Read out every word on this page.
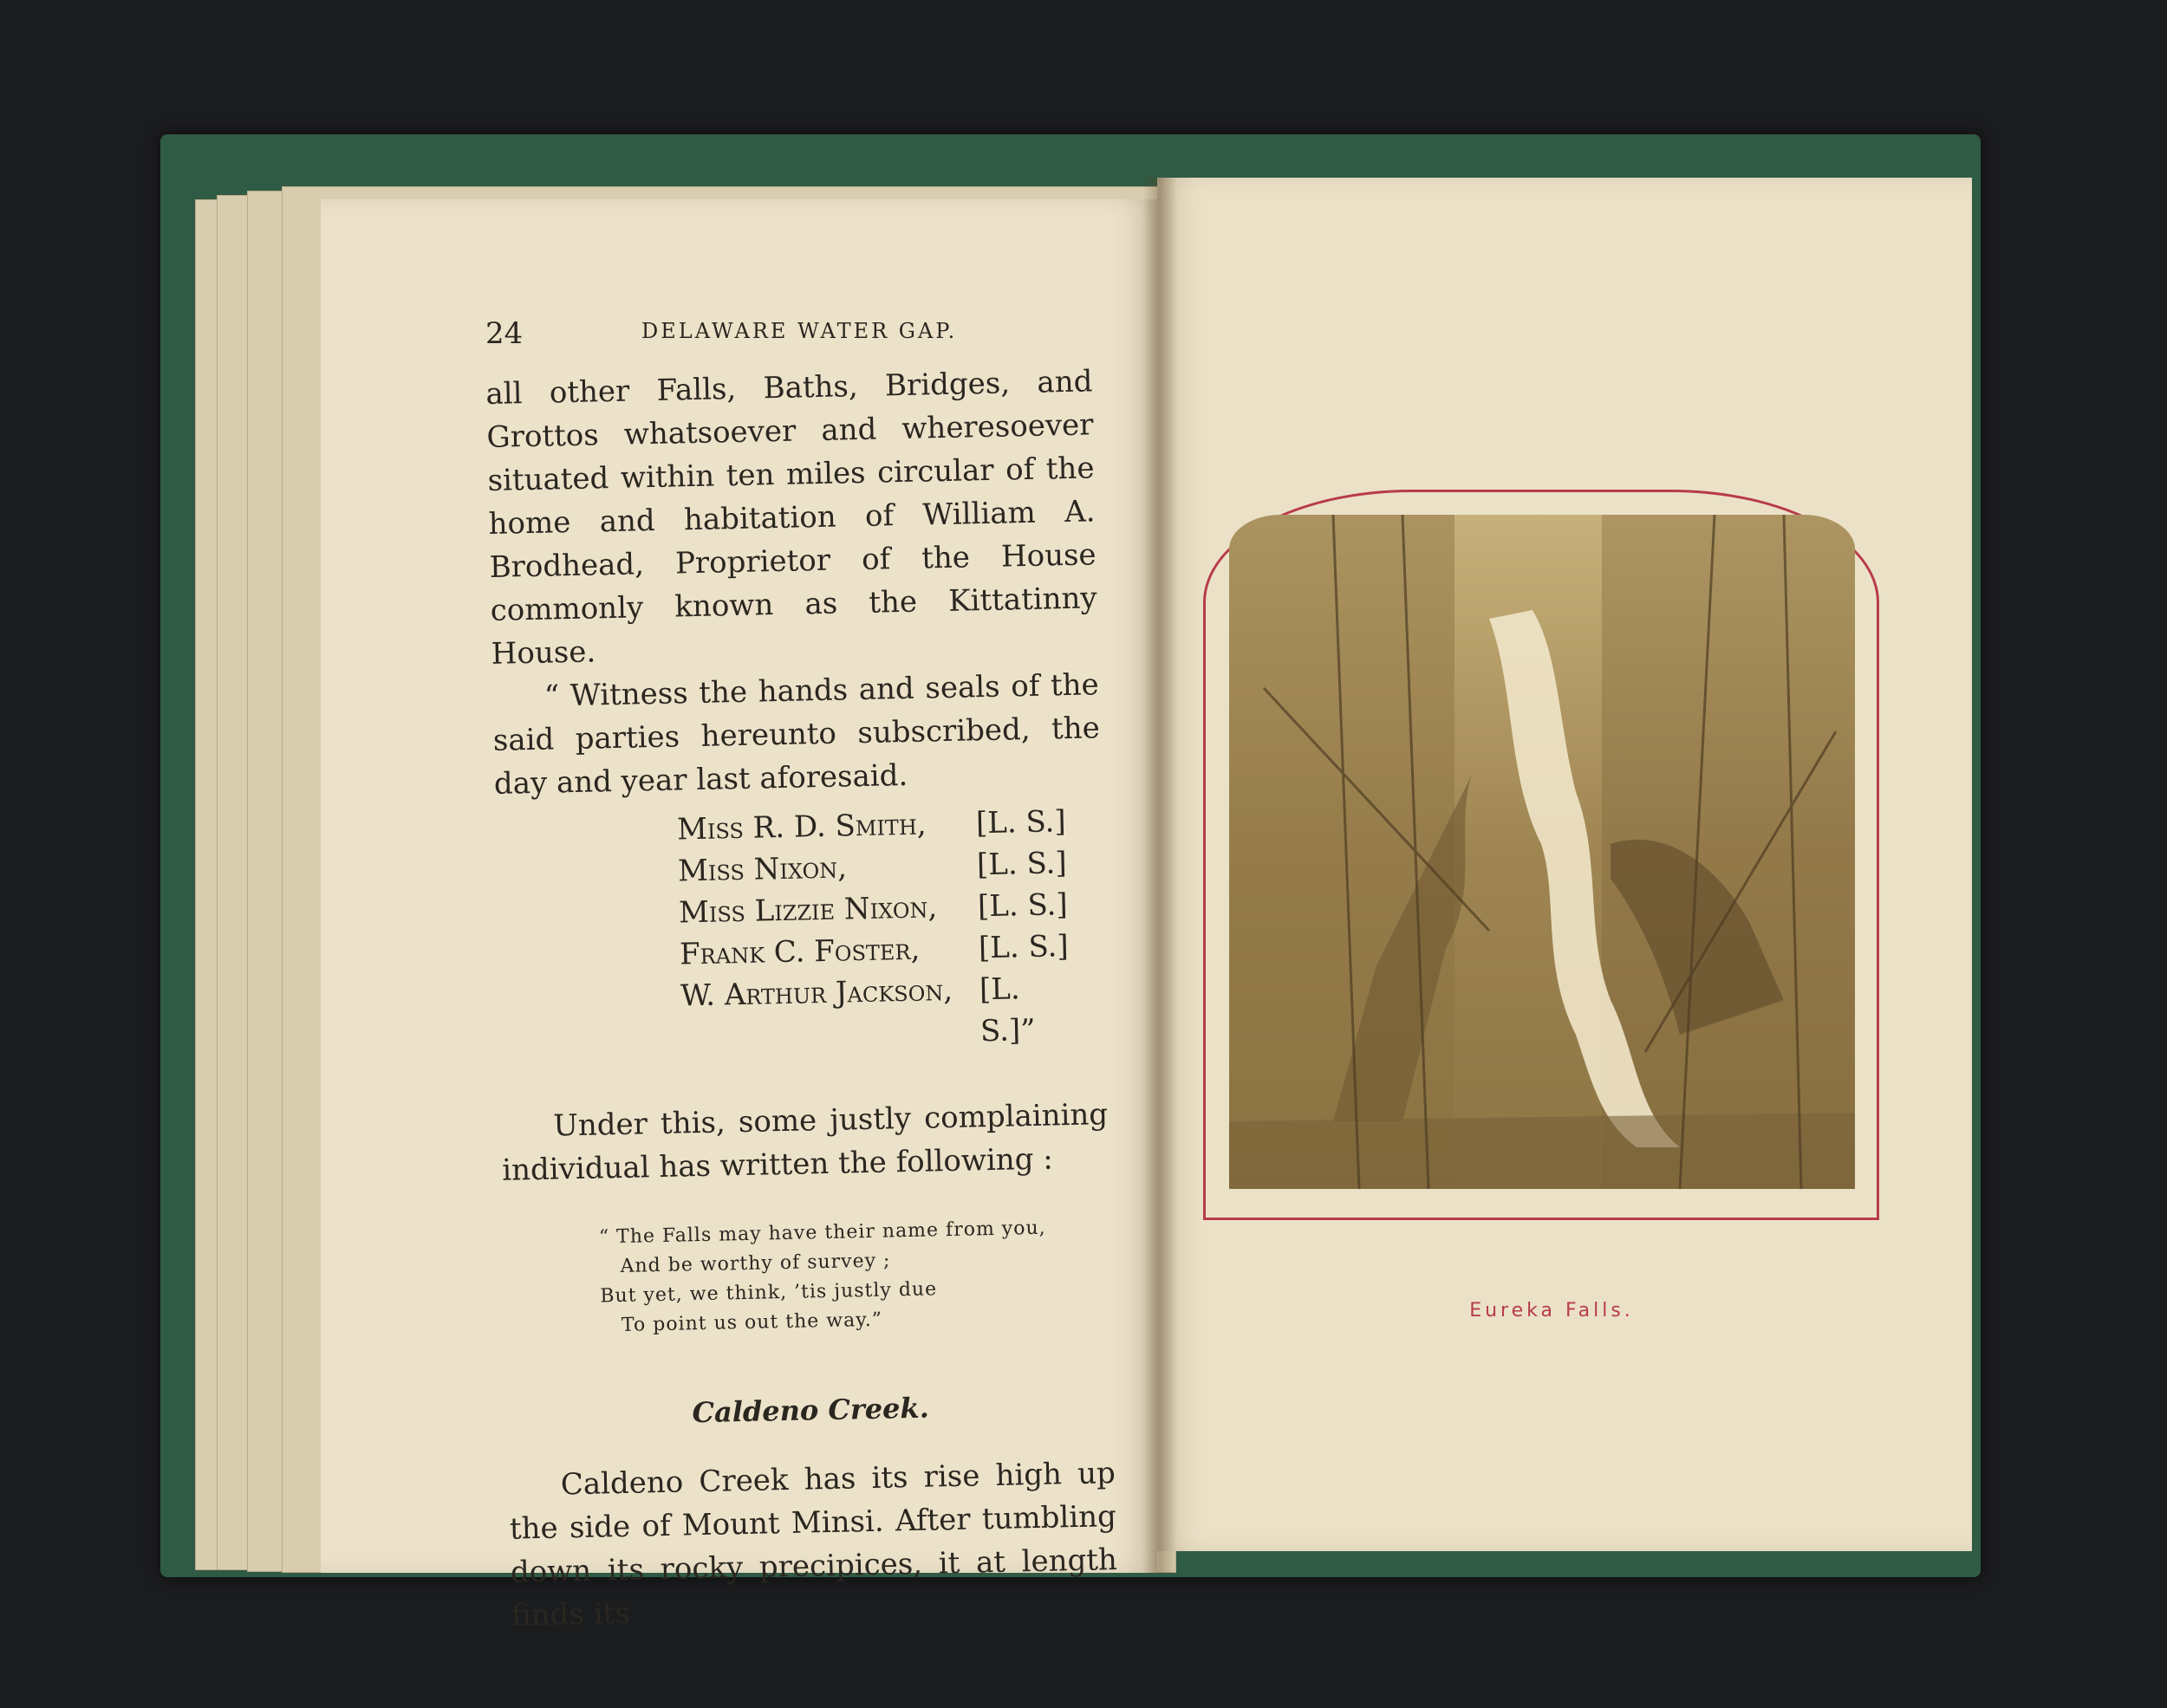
24	DELAWARE WATER GAP.

all other Falls, Baths, Bridges, and Grottos whatsoever and wheresoever situated within ten miles circular of the home and habitation of William A. Brodhead, Proprietor of the House commonly known as the Kittatinny House.

“ Witness the hands and seals of the said parties hereunto subscribed, the day and year last aforesaid.

Miss R. D. Smith,	[L. S.]
Miss Nixon,	[L. S.]
Miss Lizzie Nixon,	[L. S.]
Frank C. Foster,	[L. S.]
W. Arthur Jackson, [L. S.]”

Under this, some justly complaining individual has written the following :

“ The Falls may have their name from you,
And be worthy of survey ;
But yet, we think, ’tis justly due
To point us out the way.”
Caldeno Creek.

Caldeno Creek has its rise high up the side of Mount Minsi. After tumbling down its rocky precipices, it at length finds its

Eureka Falls.
